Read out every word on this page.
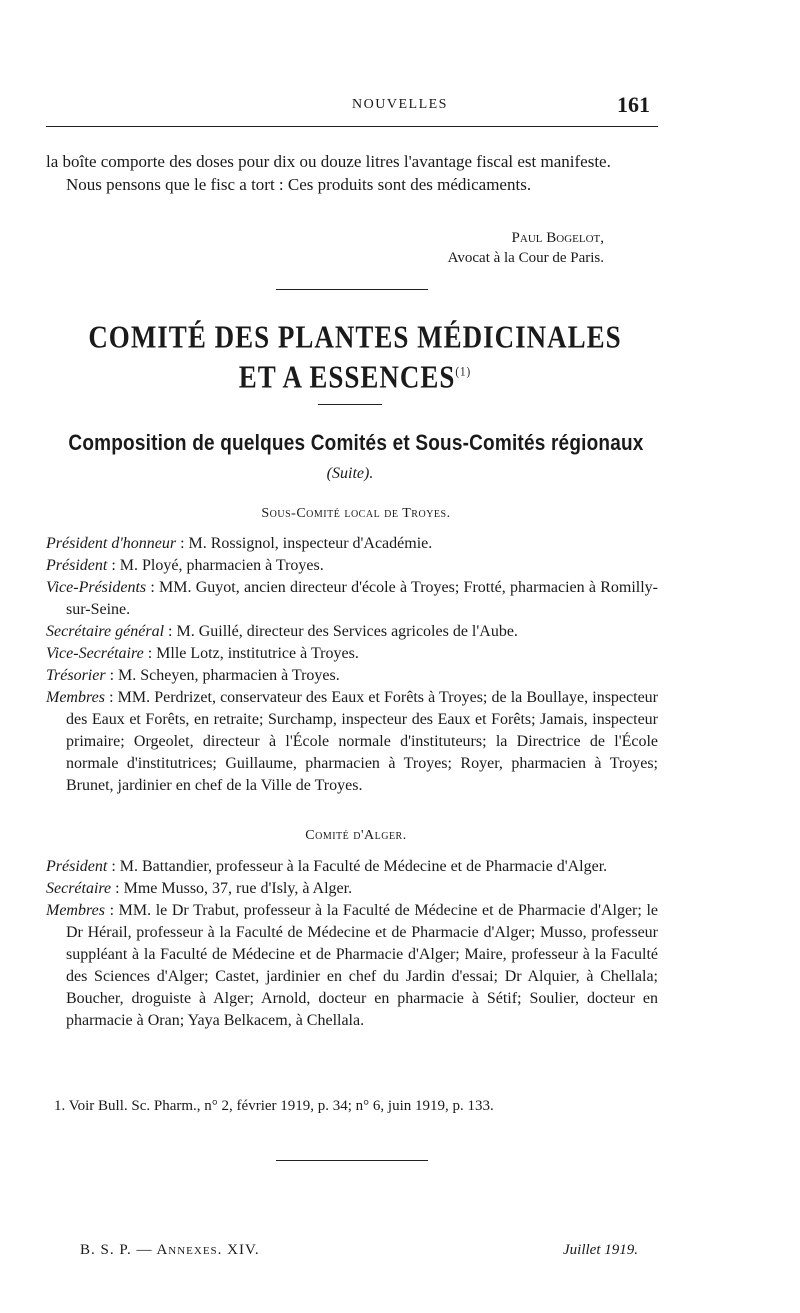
NOUVELLES	161

la boîte comporte des doses pour dix ou douze litres l'avantage fiscal est manifeste.

Nous pensons que le fisc a tort : Ces produits sont des médicaments.

Paul Bogelot,
Avocat à la Cour de Paris.
COMITÉ DES PLANTES MÉDICINALES
ET A ESSENCES$^{(1)}$
Composition de quelques Comités et Sous-Comités régionaux
(Suite).
Sous-Comité local de Troyes.

Président d'honneur : M. Rossignol, inspecteur d'Académie.

Président : M. Ployé, pharmacien à Troyes.

Vice-Présidents : MM. Guyot, ancien directeur d'école à Troyes; Frotté, pharmacien à Romilly-sur-Seine.

Secrétaire général : M. Guillé, directeur des Services agricoles de l'Aube.

Vice-Secrétaire : Mlle Lotz, institutrice à Troyes.

Trésorier : M. Scheyen, pharmacien à Troyes.

Membres : MM. Perdrizet, conservateur des Eaux et Forêts à Troyes; de la Boullaye, inspecteur des Eaux et Forêts, en retraite; Surchamp, inspecteur des Eaux et Forêts; Jamais, inspecteur primaire; Orgeolet, directeur à l'École normale d'instituteurs; la Directrice de l'École normale d'institutrices; Guillaume, pharmacien à Troyes; Royer, pharmacien à Troyes; Brunet, jardinier en chef de la Ville de Troyes.

Comité d'Alger.

Président : M. Battandier, professeur à la Faculté de Médecine et de Pharmacie d'Alger.

Secrétaire : Mme Musso, 37, rue d'Isly, à Alger.

Membres : MM. le Dr Trabut, professeur à la Faculté de Médecine et de Pharmacie d'Alger; le Dr Hérail, professeur à la Faculté de Médecine et de Pharmacie d'Alger; Musso, professeur suppléant à la Faculté de Médecine et de Pharmacie d'Alger; Maire, professeur à la Faculté des Sciences d'Alger; Castet, jardinier en chef du Jardin d'essai; Dr Alquier, à Chellala; Boucher, droguiste à Alger; Arnold, docteur en pharmacie à Sétif; Soulier, docteur en pharmacie à Oran; Yaya Belkacem, à Chellala.

1. Voir Bull. Sc. Pharm., n° 2, février 1919, p. 34; n° 6, juin 1919, p. 133.
B. S. P. — Annexes. XIV.	Juillet 1919.
